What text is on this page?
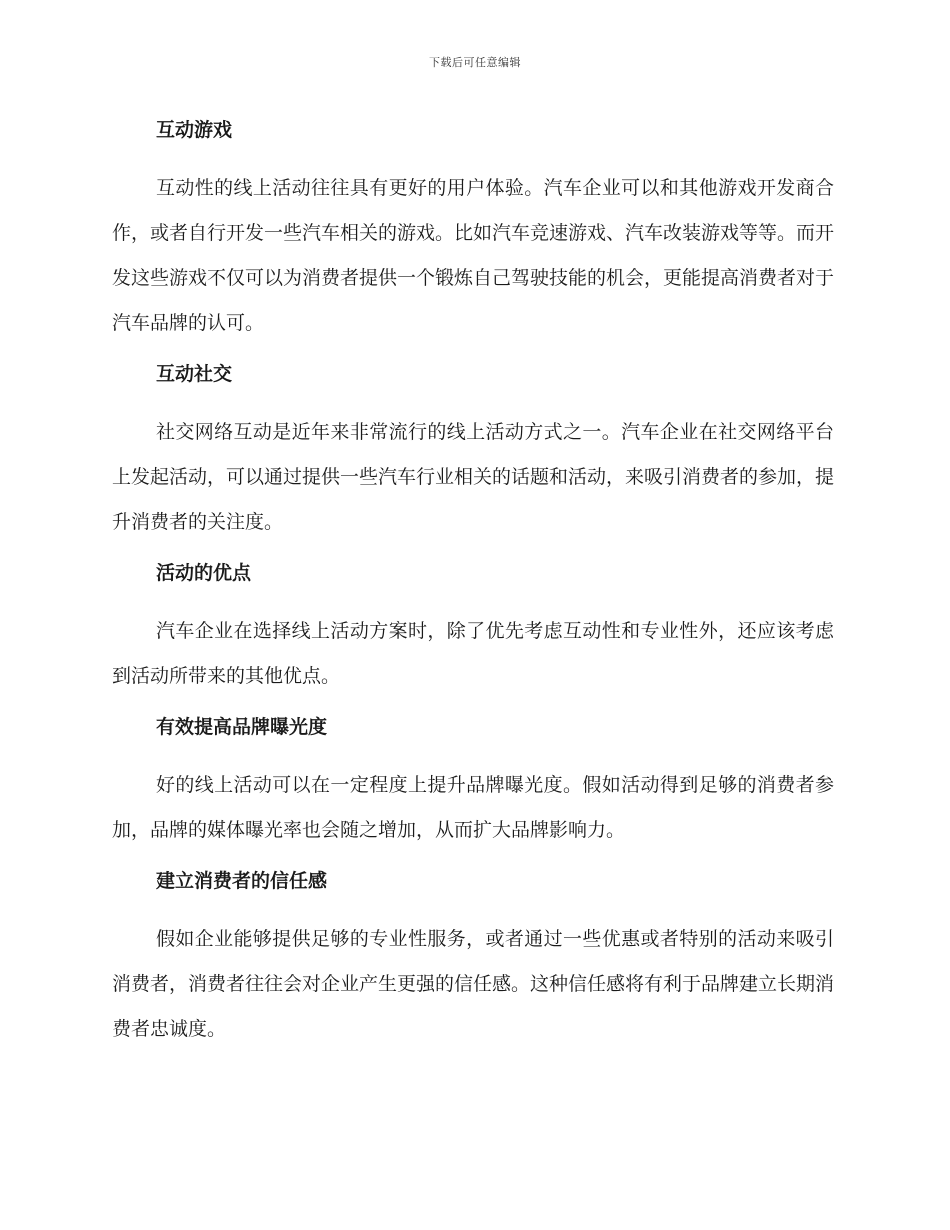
下载后可任意编辑
互动游戏

互动性的线上活动往往具有更好的用户体验。汽车企业可以和其他游戏开发商合作，或者自行开发一些汽车相关的游戏。比如汽车竞速游戏、汽车改装游戏等等。而开发这些游戏不仅可以为消费者提供一个锻炼自己驾驶技能的机会，更能提高消费者对于汽车品牌的认可。

互动社交

社交网络互动是近年来非常流行的线上活动方式之一。汽车企业在社交网络平台上发起活动，可以通过提供一些汽车行业相关的话题和活动，来吸引消费者的参加，提升消费者的关注度。

活动的优点

汽车企业在选择线上活动方案时，除了优先考虑互动性和专业性外，还应该考虑到活动所带来的其他优点。

有效提高品牌曝光度

好的线上活动可以在一定程度上提升品牌曝光度。假如活动得到足够的消费者参加，品牌的媒体曝光率也会随之增加，从而扩大品牌影响力。

建立消费者的信任感

假如企业能够提供足够的专业性服务，或者通过一些优惠或者特别的活动来吸引消费者，消费者往往会对企业产生更强的信任感。这种信任感将有利于品牌建立长期消费者忠诚度。
